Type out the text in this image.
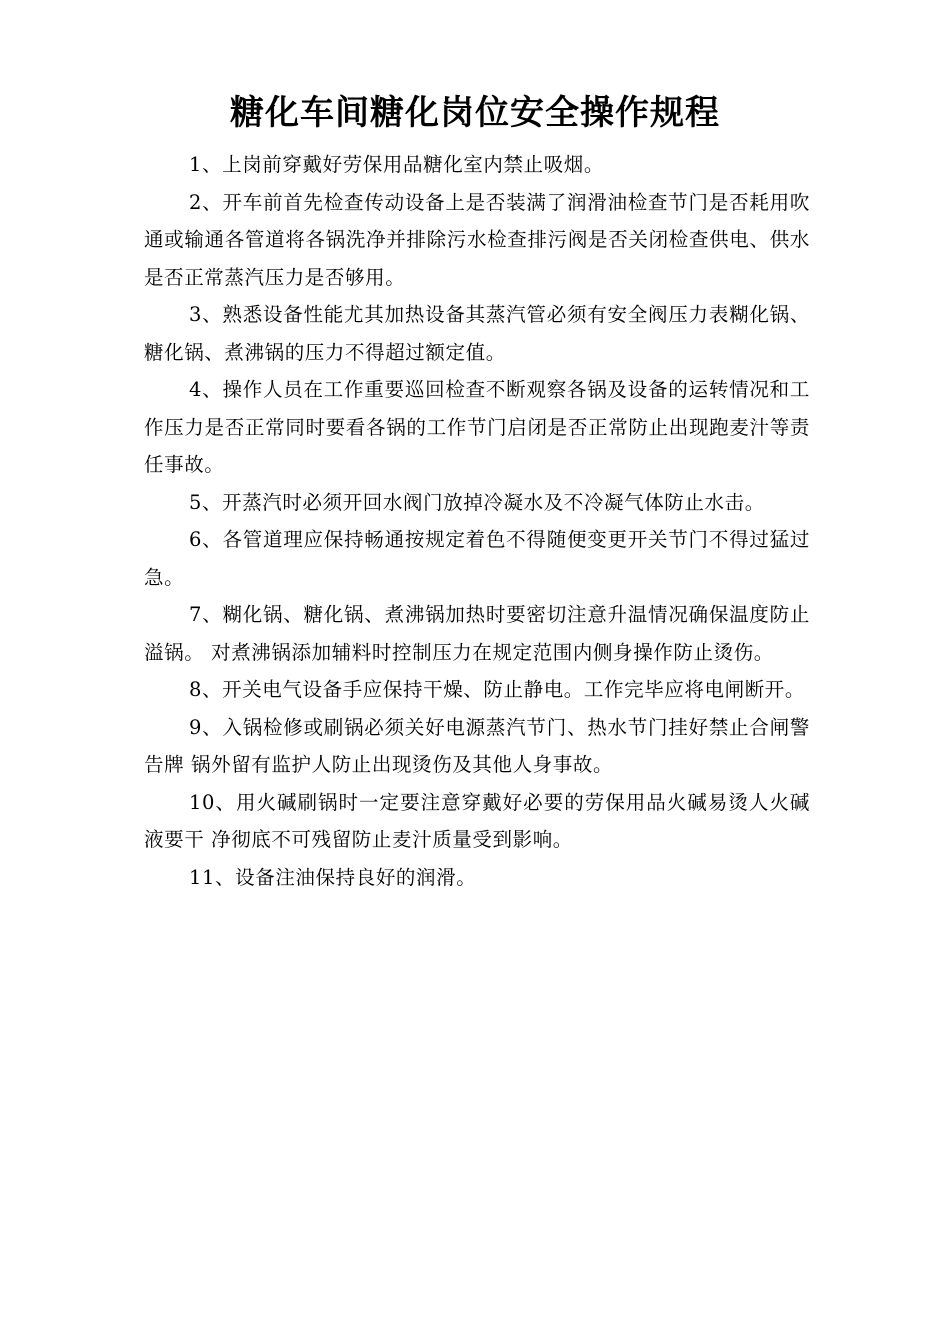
糖化车间糖化岗位安全操作规程

1、上岗前穿戴好劳保用品糖化室内禁止吸烟。

2、开车前首先检查传动设备上是否装满了润滑油检查节门是否耗用吹通或输通各管道将各锅洗净并排除污水检查排污阀是否关闭检查供电、供水是否正常蒸汽压力是否够用。

3、熟悉设备性能尤其加热设备其蒸汽管必须有安全阀压力表糊化锅、糖化锅、煮沸锅的压力不得超过额定值。

4、操作人员在工作重要巡回检查不断观察各锅及设备的运转情况和工作压力是否正常同时要看各锅的工作节门启闭是否正常防止出现跑麦汁等责任事故。

5、开蒸汽时必须开回水阀门放掉冷凝水及不冷凝气体防止水击。

6、各管道理应保持畅通按规定着色不得随便变更开关节门不得过猛过急。

7、糊化锅、糖化锅、煮沸锅加热时要密切注意升温情况确保温度防止溢锅。 对煮沸锅添加辅料时控制压力在规定范围内侧身操作防止烫伤。

8、开关电气设备手应保持干燥、防止静电。工作完毕应将电闸断开。

9、入锅检修或刷锅必须关好电源蒸汽节门、热水节门挂好禁止合闸警告牌 锅外留有监护人防止出现烫伤及其他人身事故。

10、用火碱刷锅时一定要注意穿戴好必要的劳保用品火碱易烫人火碱液要干 净彻底不可残留防止麦汁质量受到影响。

11、设备注油保持良好的润滑。
